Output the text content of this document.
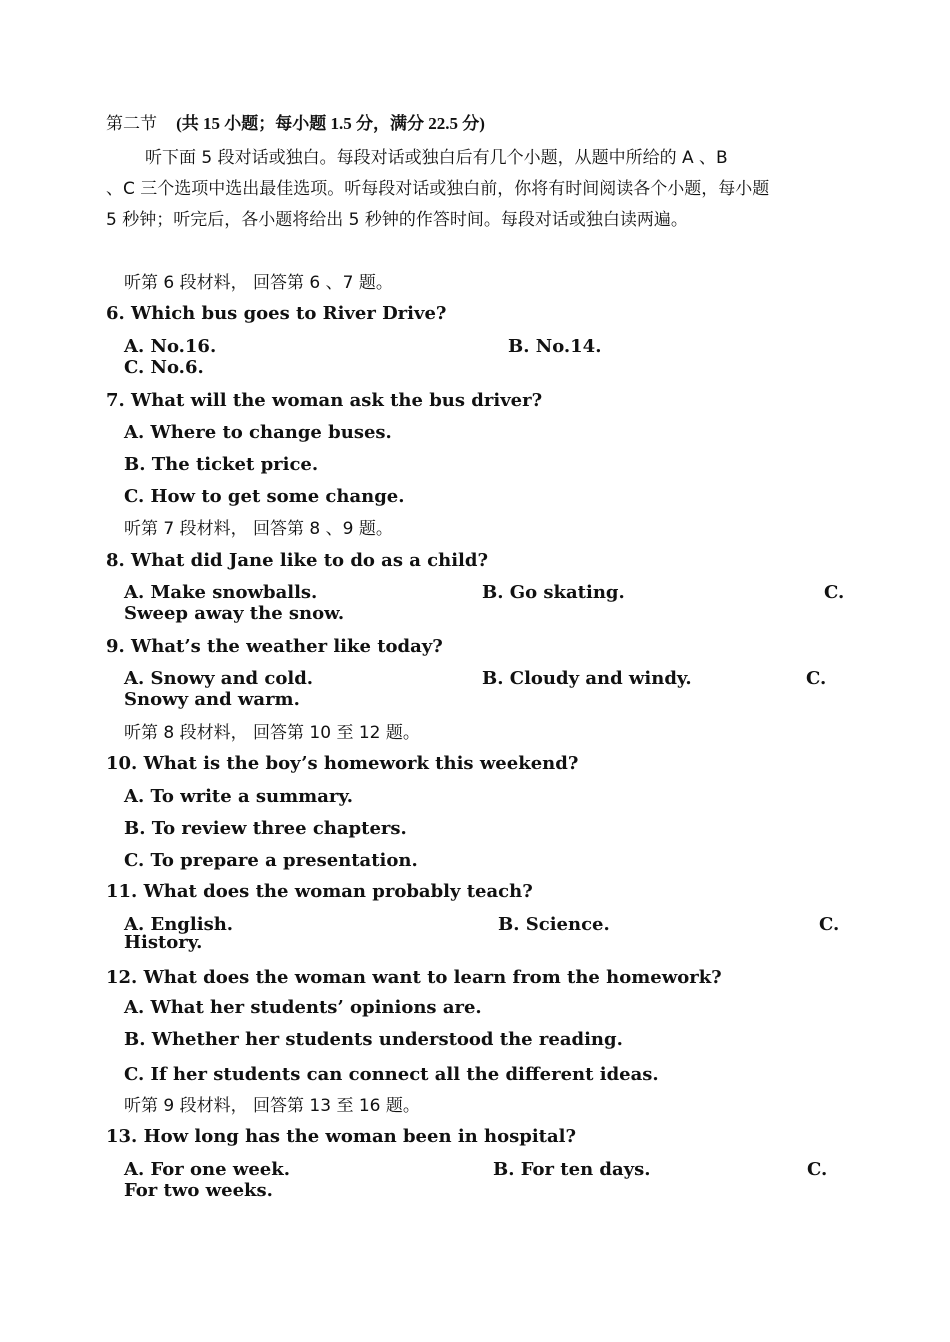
第二节 (共 15 小题；每小题 1.5 分，满分 22.5 分)
听下面 5 段对话或独白。每段对话或独白后有几个小题，从题中所给的 A 、B
、C 三个选项中选出最佳选项。听每段对话或独白前，你将有时间阅读各个小题，每小题
5 秒钟；听完后，各小题将给出 5 秒钟的作答时间。每段对话或独白读两遍。
听第 6 段材料， 回答第 6 、7 题。
6. Which bus goes to River Drive?
A. No.16.	B. No.14.
C. No.6.
7. What will the woman ask the bus driver?
A. Where to change buses.
B. The ticket price.
C. How to get some change.
听第 7 段材料， 回答第 8 、9 题。
8. What did Jane like to do as a child?
A. Make snowballs.	B. Go skating.	C.
Sweep away the snow.
9. What’s the weather like today?
A. Snowy and cold.	B. Cloudy and windy.	C.
Snowy and warm.
听第 8 段材料， 回答第 10 至 12 题。
10. What is the boy’s homework this weekend?
A. To write a summary.
B. To review three chapters.
C. To prepare a presentation.
11. What does the woman probably teach?
A. English.	B. Science.	C.
History.
12. What does the woman want to learn from the homework?
A. What her students’ opinions are.
B. Whether her students understood the reading.
C. If her students can connect all the different ideas.
听第 9 段材料， 回答第 13 至 16 题。
13. How long has the woman been in hospital?
A. For one week.	B. For ten days.	C.
For two weeks.
